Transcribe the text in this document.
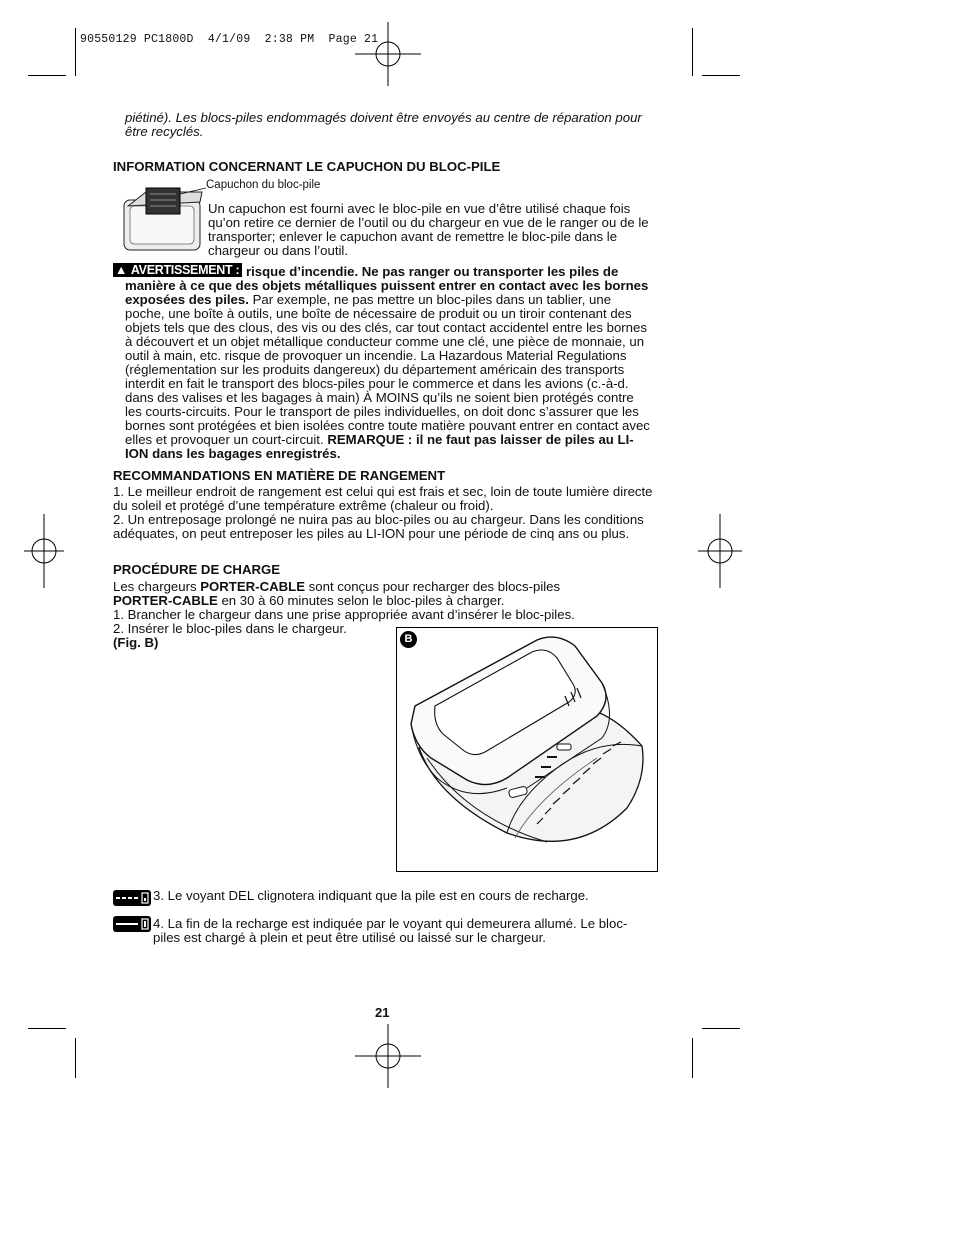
90550129 PC1800D  4/1/09  2:38 PM  Page 21
piétiné). Les blocs-piles endommagés doivent être envoyés au centre de réparation pour être recyclés.
INFORMATION CONCERNANT LE CAPUCHON DU BLOC-PILE
Capuchon du bloc-pile
Un capuchon est fourni avec le bloc-pile en vue d’être utilisé chaque fois qu’on retire ce dernier de l’outil ou du chargeur en vue de le ranger ou de le transporter; enlever le capuchon avant de remettre le bloc-pile dans le chargeur ou dans l’outil.
▲ AVERTISSEMENT : risque d’incendie. Ne pas ranger ou transporter les piles de manière à ce que des objets métalliques puissent entrer en contact avec les bornes exposées des piles. Par exemple, ne pas mettre un bloc-piles dans un tablier, une poche, une boîte à outils, une boîte de nécessaire de produit ou un tiroir contenant des objets tels que des clous, des vis ou des clés, car tout contact accidentel entre les bornes à découvert et un objet métallique conducteur comme une clé, une pièce de monnaie, un outil à main, etc. risque de provoquer un incendie. La Hazardous Material Regulations (réglementation sur les produits dangereux) du département américain des transports interdit en fait le transport des blocs-piles pour le commerce et dans les avions (c.-à-d. dans des valises et les bagages à main) À MOINS qu’ils ne soient bien protégés contre les courts-circuits. Pour le transport de piles individuelles, on doit donc s’assurer que les bornes sont protégées et bien isolées contre toute matière pouvant entrer en contact avec elles et provoquer un court-circuit. REMARQUE : il ne faut pas laisser de piles au LI-ION dans les bagages enregistrés.
RECOMMANDATIONS EN MATIÈRE DE RANGEMENT
1. Le meilleur endroit de rangement est celui qui est frais et sec, loin de toute lumière directe du soleil et protégé d’une température extrême (chaleur ou froid).
2. Un entreposage prolongé ne nuira pas au bloc-piles ou au chargeur. Dans les conditions adéquates, on peut entreposer les piles au LI-ION pour une période de cinq ans ou plus.
PROCÉDURE DE CHARGE
Les chargeurs PORTER-CABLE sont conçus pour recharger des blocs-piles
PORTER-CABLE en 30 à 60 minutes selon le bloc-piles à charger.
1. Brancher le chargeur dans une prise appropriée avant d’insérer le bloc-piles.
2. Insérer le bloc-piles dans le chargeur.
(Fig. B)	B
3. Le voyant DEL clignotera indiquant que la pile est en cours de recharge.
4. La fin de la recharge est indiquée par le voyant qui demeurera allumé. Le bloc-piles est chargé à plein et peut être utilisé ou laissé sur le chargeur.
21
